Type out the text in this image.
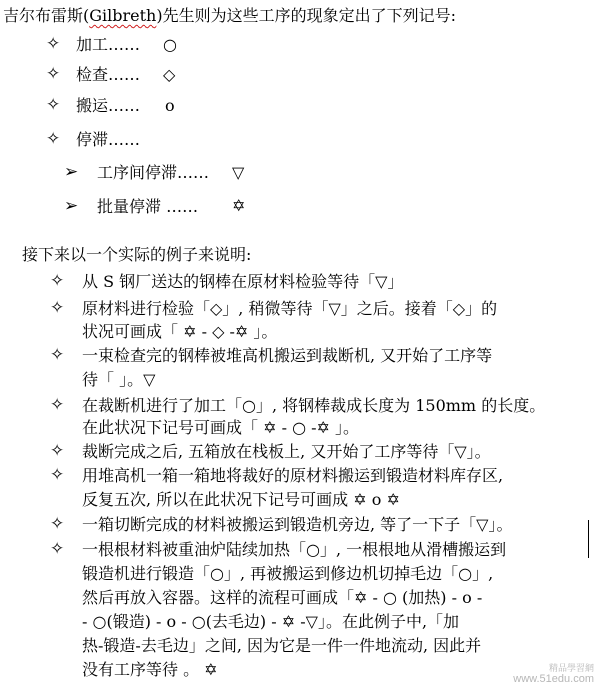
吉尔布雷斯(Gilbreth)先生则为这些工序的现象定出了下列记号:
✧ 加工…… ○
✧ 检查…… ◇
✧ 搬运…… o
✧ 停滞……
➢ 工序间停滞…… ▽
➢ 批量停滞 …… ✡
接下来以一个实际的例子来说明:
✧ 从 S 钢厂送达的钢棒在原材料检验等待「▽」
✧ 原材料进行检验「◇」, 稍微等待「▽」之后。接着「◇」的
状况可画成「 ✡ - ◇ -✡ 」。
✧ 一束检查完的钢棒被堆高机搬运到裁断机, 又开始了工序等
待「 」。▽
✧ 在裁断机进行了加工「○」, 将钢棒裁成长度为 150mm 的长度。
在此状况下记号可画成「 ✡ - ○ -✡ 」。
✧ 裁断完成之后, 五箱放在栈板上, 又开始了工序等待「▽」。
✧ 用堆高机一箱一箱地将裁好的原材料搬运到锻造材料库存区,
反复五次, 所以在此状况下记号可画成 ✡ o ✡
✧ 一箱切断完成的材料被搬运到锻造机旁边, 等了一下子「▽」。
✧ 一根根材料被重油炉陆续加热「○」, 一根根地从滑槽搬运到
锻造机进行锻造「○」, 再被搬运到修边机切掉毛边「○」,
然后再放入容器。这样的流程可画成「✡ - ○ (加热) - o -
- ○(锻造) - o - ○(去毛边) - ✡ -▽」。在此例子中,「加
热-锻造-去毛边」之间, 因为它是一件一件地流动, 因此并
没有工序等待 。 ✡	精品學習網
www.51edu.com
